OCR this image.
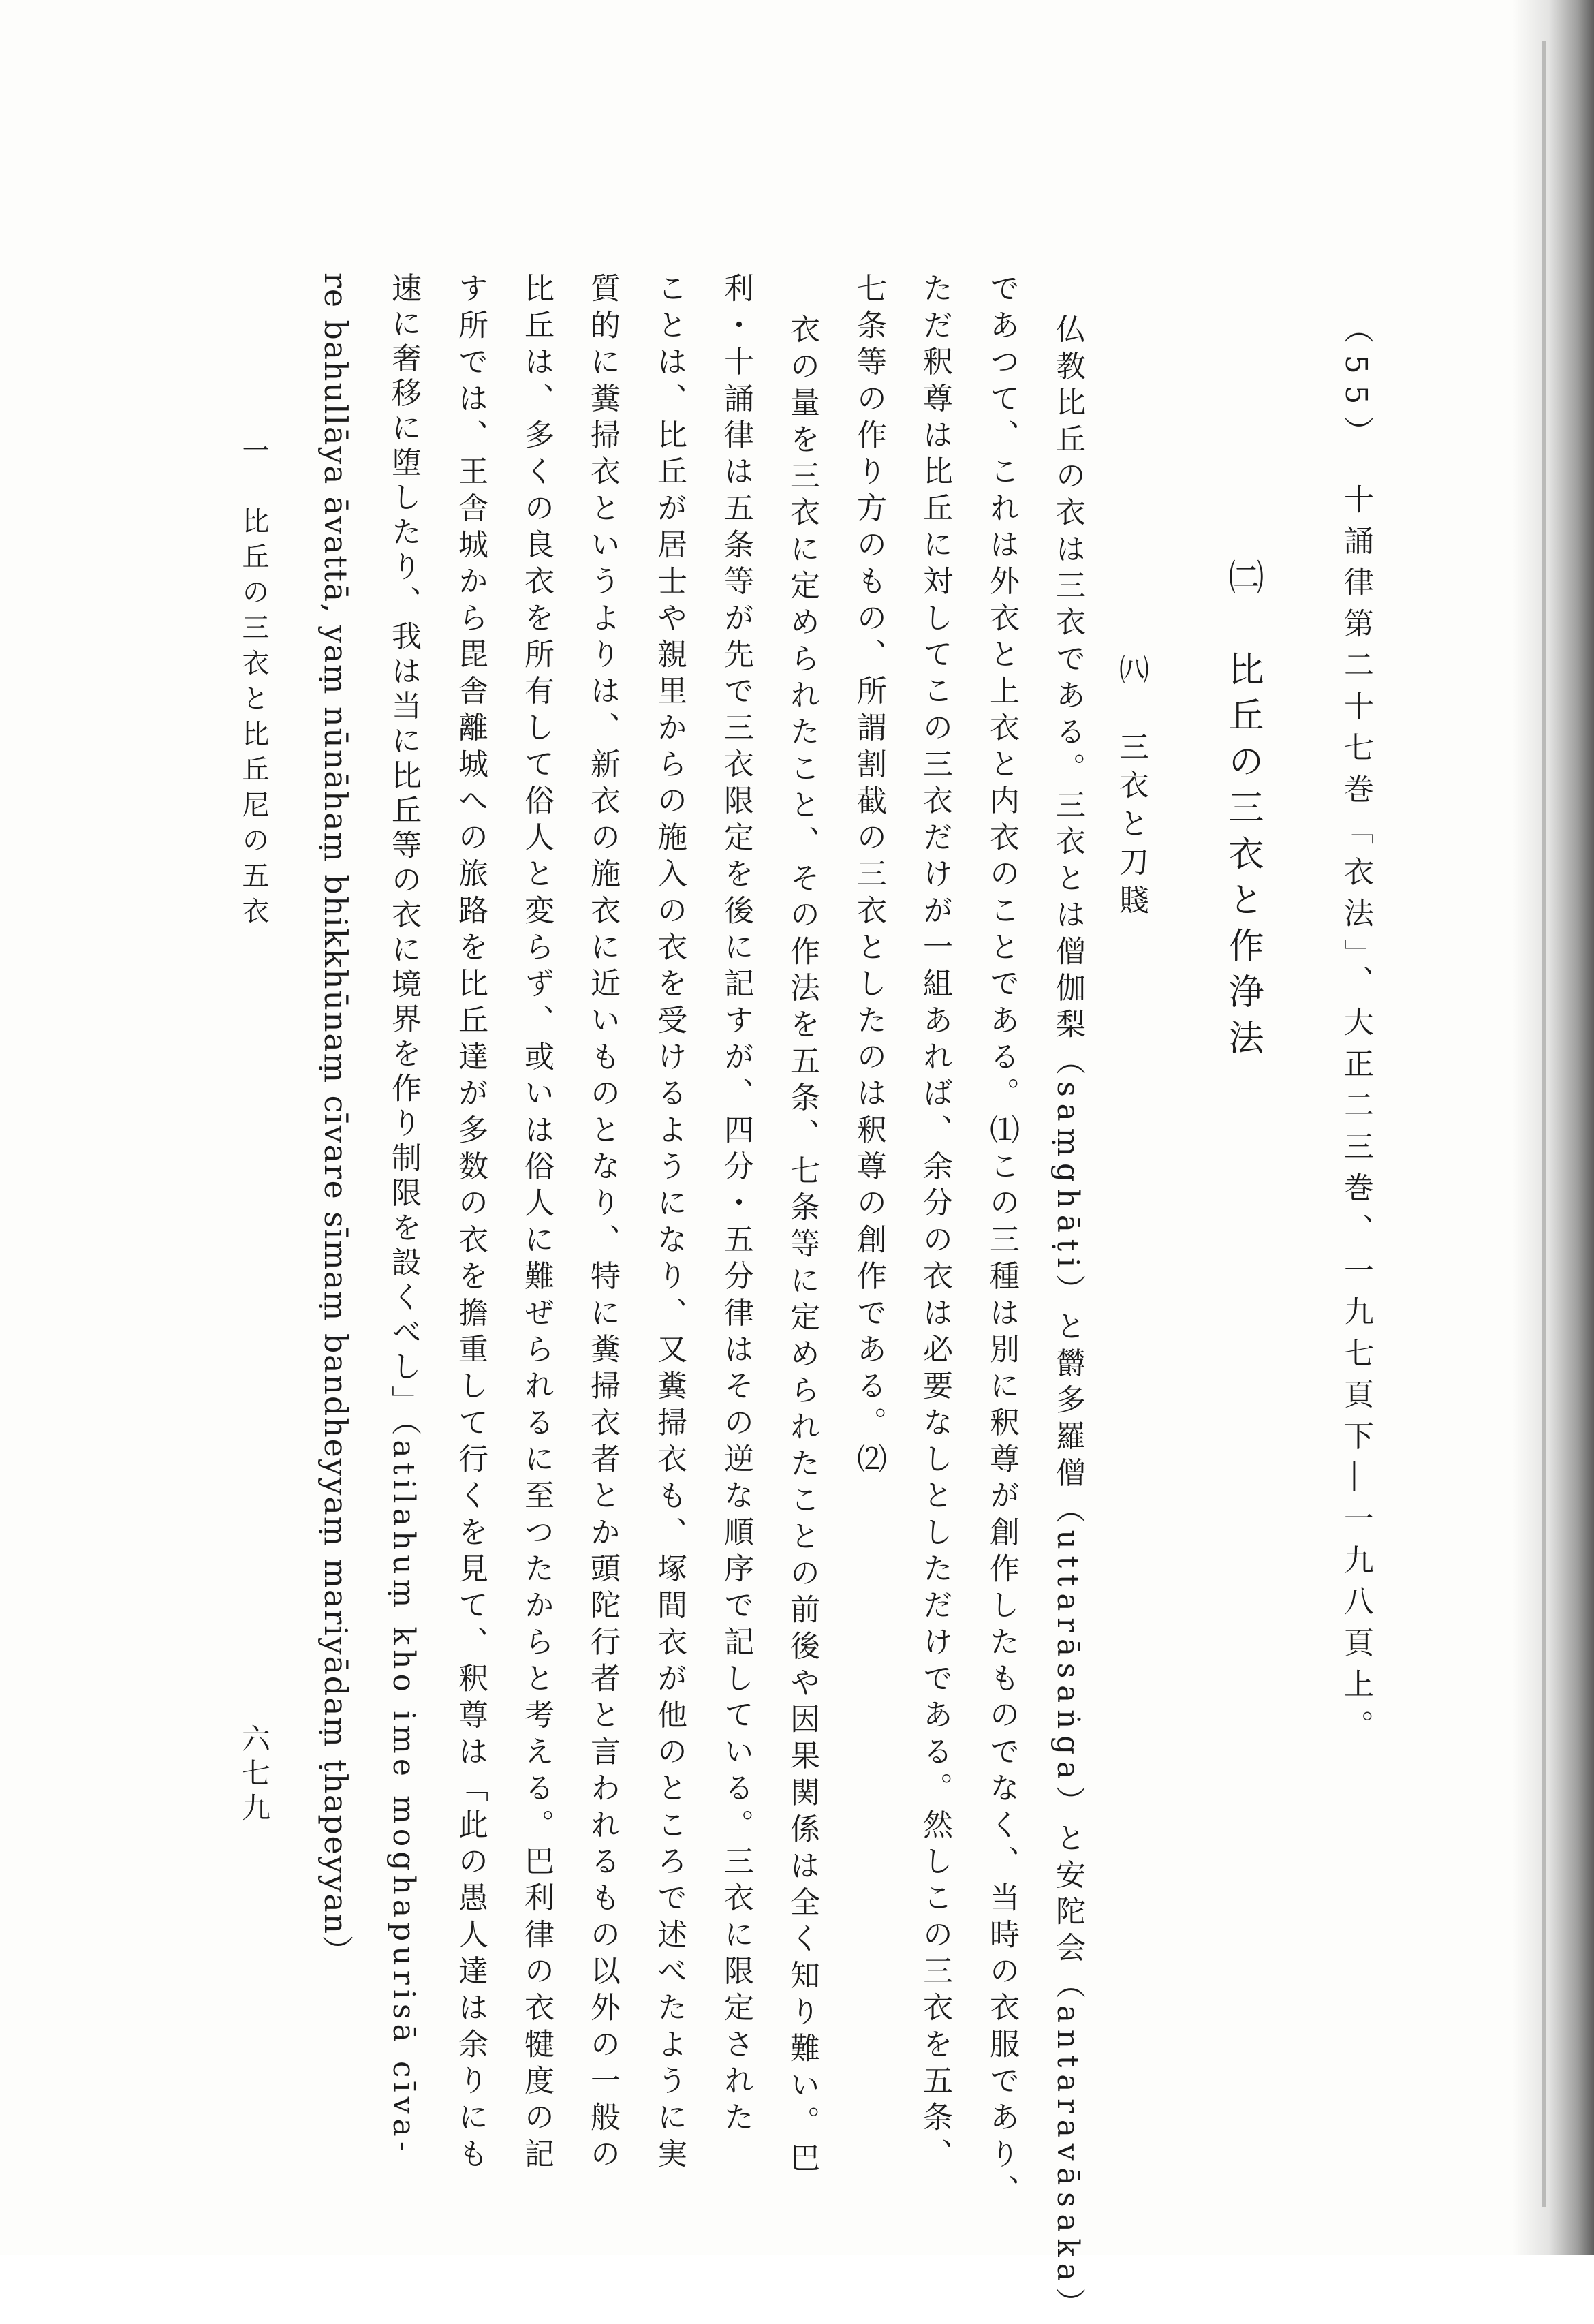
（55）　十誦律第二十七巻「衣法」、大正二三巻、一九七頁下―一九八頁上。
㈡　比丘の三衣と作浄法
㈧　三衣と刀賤
仏教比丘の衣は三衣である。三衣とは僧伽梨（saṃghāṭi）と欝多羅僧（uttarāsaṅga）と安陀会（antaravāsaka）
であつて、これは外衣と上衣と内衣のことである。⑴この三種は別に釈尊が創作したものでなく、当時の衣服であり、
ただ釈尊は比丘に対してこの三衣だけが一組あれば、余分の衣は必要なしとしただけである。然しこの三衣を五条、
七条等の作り方のもの、所謂割截の三衣としたのは釈尊の創作である。⑵
衣の量を三衣に定められたこと、その作法を五条、七条等に定められたことの前後や因果関係は全く知り難い。巴
利・十誦律は五条等が先で三衣限定を後に記すが、四分・五分律はその逆な順序で記している。三衣に限定された
ことは、比丘が居士や親里からの施入の衣を受けるようになり、又糞掃衣も、塚間衣が他のところで述べたように実
質的に糞掃衣というよりは、新衣の施衣に近いものとなり、特に糞掃衣者とか頭陀行者と言われるもの以外の一般の
比丘は、多くの良衣を所有して俗人と変らず、或いは俗人に難ぜられるに至つたからと考える。巴利律の衣犍度の記
す所では、王舎城から毘舎離城への旅路を比丘達が多数の衣を擔重して行くを見て、釈尊は「此の愚人達は余りにも
速に奢移に堕したり、我は当に比丘等の衣に境界を作り制限を設くべし」（atilahuṃ kho ime moghapurisā cīva-
re bahullāya āvattā, yaṃ nūnāhaṃ bhikkhūnaṃ cīvare sīmaṃ bandheyyaṃ mariyādaṃ ṭhapeyyan）
一　比丘の三衣と比丘尼の五衣
六七九
